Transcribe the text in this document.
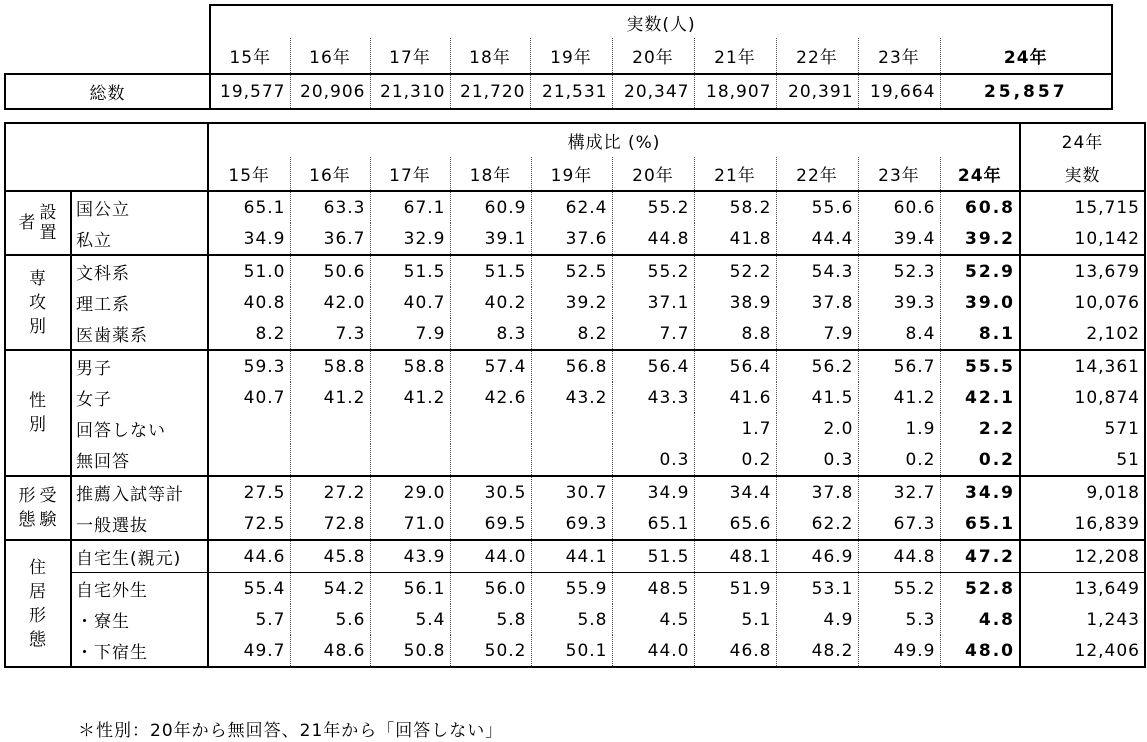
	実数(人)									
	15年	16年	17年	18年	19年	20年	21年	22年	23年	24年
総数	19,577	20,906	21,310	21,720	21,531	20,347	18,907	20,391	19,664	25,857
		構成比 (%)										24年
		15年	16年	17年	18年	19年	20年	21年	22年	23年	24年	実数

者 設
置	国公立	65.1	63.3	67.1	60.9	62.4	55.2	58.2	55.6	60.6	60.8	15,715
	私立	34.9	36.7	32.9	39.1	37.6	44.8	41.8	44.4	39.4	39.2	10,142

専
攻
別	文科系	51.0	50.6	51.5	51.5	52.5	55.2	52.2	54.3	52.3	52.9	13,679
	理工系	40.8	42.0	40.7	40.2	39.2	37.1	38.9	37.8	39.3	39.0	10,076
	医歯薬系	8.2	7.3	7.9	8.3	8.2	7.7	8.8	7.9	8.4	8.1	2,102

性
別	男子	59.3	58.8	58.8	57.4	56.8	56.4	56.4	56.2	56.7	55.5	14,361
	女子	40.7	41.2	41.2	42.6	43.2	43.3	41.6	41.5	41.2	42.1	10,874
	回答しない							1.7	2.0	1.9	2.2	571
	無回答						0.3	0.2	0.3	0.2	0.2	51

形
態
受
験	推薦入試等計	27.5	27.2	29.0	30.5	30.7	34.9	34.4	37.8	32.7	34.9	9,018
	一般選抜	72.5	72.8	71.0	69.5	69.3	65.1	65.6	62.2	67.3	65.1	16,839

住
居
形
態	自宅生(親元)	44.6	45.8	43.9	44.0	44.1	51.5	48.1	46.9	44.8	47.2	12,208
	自宅外生	55.4	54.2	56.1	56.0	55.9	48.5	51.9	53.1	55.2	52.8	13,649
	・寮生	5.7	5.6	5.4	5.8	5.8	4.5	5.1	4.9	5.3	4.8	1,243
	・下宿生	49.7	48.6	50.8	50.2	50.1	44.0	46.8	48.2	49.9	48.0	12,406
＊性別：20年から無回答、21年から「回答しない」
